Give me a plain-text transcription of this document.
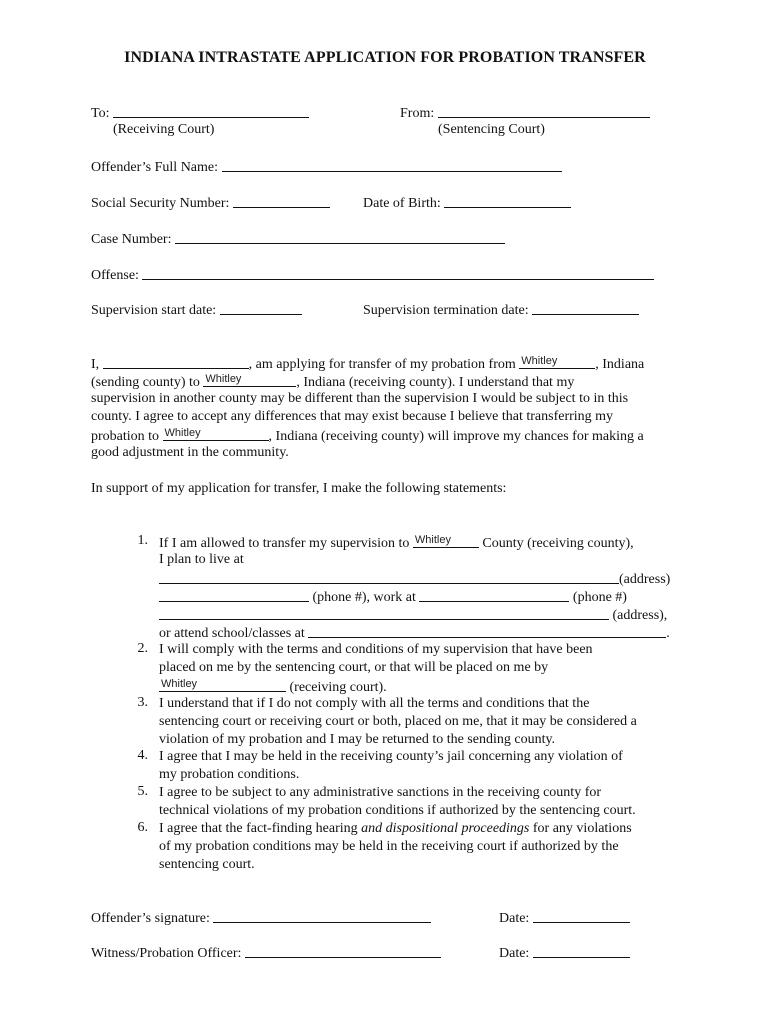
INDIANA INTRASTATE APPLICATION FOR PROBATION TRANSFER
To:
(Receiving Court)
From:
(Sentencing Court)
Offender’s Full Name:
Social Security Number:	Date of Birth:
Case Number:
Offense:
Supervision start date:	Supervision termination date:
I,	, am applying for transfer of my probation from Whitley	, Indiana
(sending county) to Whitley	, Indiana (receiving county). I understand that my
supervision in another county may be different than the supervision I would be subject to in this
county. I agree to accept any differences that may exist because I believe that transferring my
probation to Whitley	, Indiana (receiving county) will improve my chances for making a
good adjustment in the community.
In support of my application for transfer, I make the following statements:
1. If I am allowed to transfer my supervision to Whitley County (receiving county),
I plan to live at
(address)
(phone #), work at	(phone #)
(address),
or attend school/classes at	.
2. I will comply with the terms and conditions of my supervision that have been
placed on me by the sentencing court, or that will be placed on me by
Whitley	(receiving court).
3. I understand that if I do not comply with all the terms and conditions that the
sentencing court or receiving court or both, placed on me, that it may be considered a
violation of my probation and I may be returned to the sending county.
4. I agree that I may be held in the receiving county’s jail concerning any violation of
my probation conditions.
5. I agree to be subject to any administrative sanctions in the receiving county for
technical violations of my probation conditions if authorized by the sentencing court.
6. I agree that the fact-finding hearing and dispositional proceedings for any violations
of my probation conditions may be held in the receiving court if authorized by the
sentencing court.
Offender’s signature:	Date:
Witness/Probation Officer:	Date:
